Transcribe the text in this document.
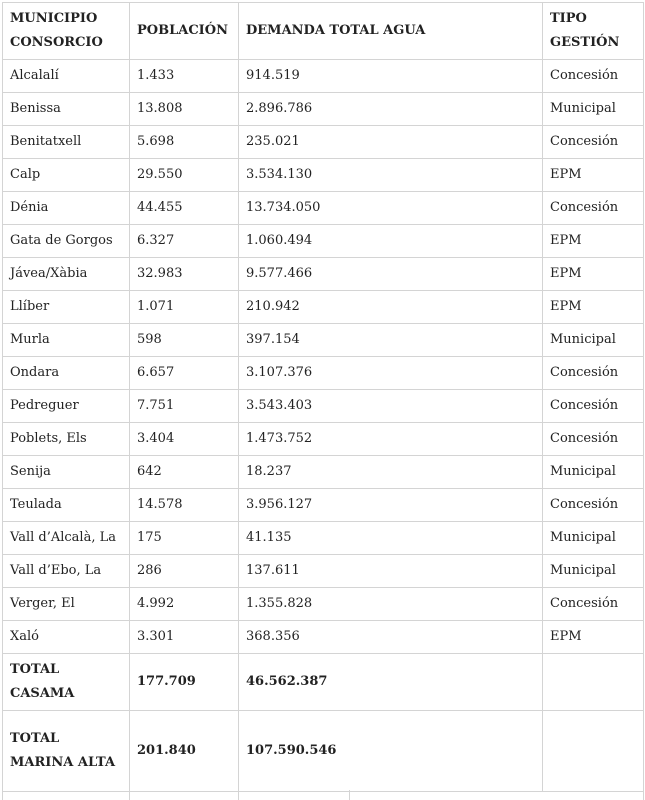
MUNICIPIO CONSORCIO	POBLACIÓN	DEMANDA TOTAL AGUA	TIPO GESTIÓN
Alcalalí	1.433	914.519	Concesión
Benissa	13.808	2.896.786	Municipal
Benitatxell	5.698	235.021	Concesión
Calp	29.550	3.534.130	EPM
Dénia	44.455	13.734.050	Concesión
Gata de Gorgos	6.327	1.060.494	EPM
Jávea/Xàbia	32.983	9.577.466	EPM
Llíber	1.071	210.942	EPM
Murla	598	397.154	Municipal
Ondara	6.657	3.107.376	Concesión
Pedreguer	7.751	3.543.403	Concesión
Poblets, Els	3.404	1.473.752	Concesión
Senija	642	18.237	Municipal
Teulada	14.578	3.956.127	Concesión
Vall d’Alcalà, La	175	41.135	Municipal
Vall d’Ebo, La	286	137.611	Municipal
Verger, El	4.992	1.355.828	Concesión
Xaló	3.301	368.356	EPM
TOTAL CASAMA	177.709	46.562.387	
TOTAL MARINA ALTA	201.840	107.590.546	
